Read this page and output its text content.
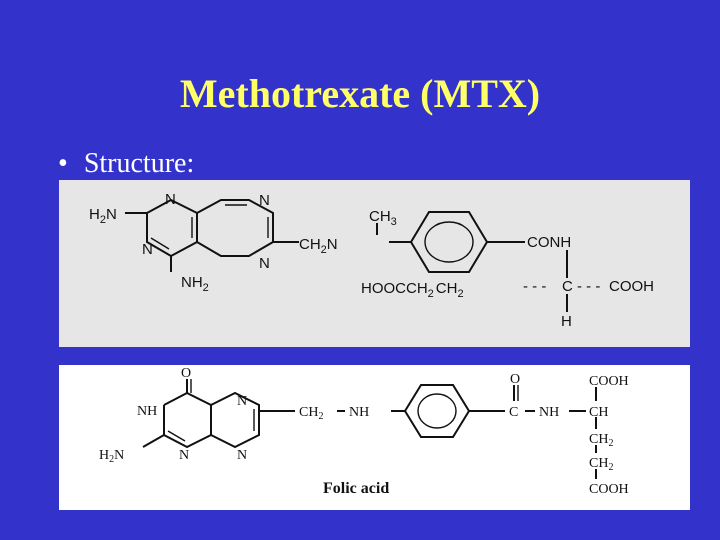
Methotrexate (MTX)
• Structure:
$H_2N$
N
N
N
N
$NH_2$
$CH_3$
$CH_2N$	CONH
$HOOCCH_2$ $CH_2$	- - - C - - - COOH
H
O
NH
N
$H_2N$	N	N
$CH_2$ NH
O
C NH CH
COOH
$CH_2$
$CH_2$
COOH
Folic acid
